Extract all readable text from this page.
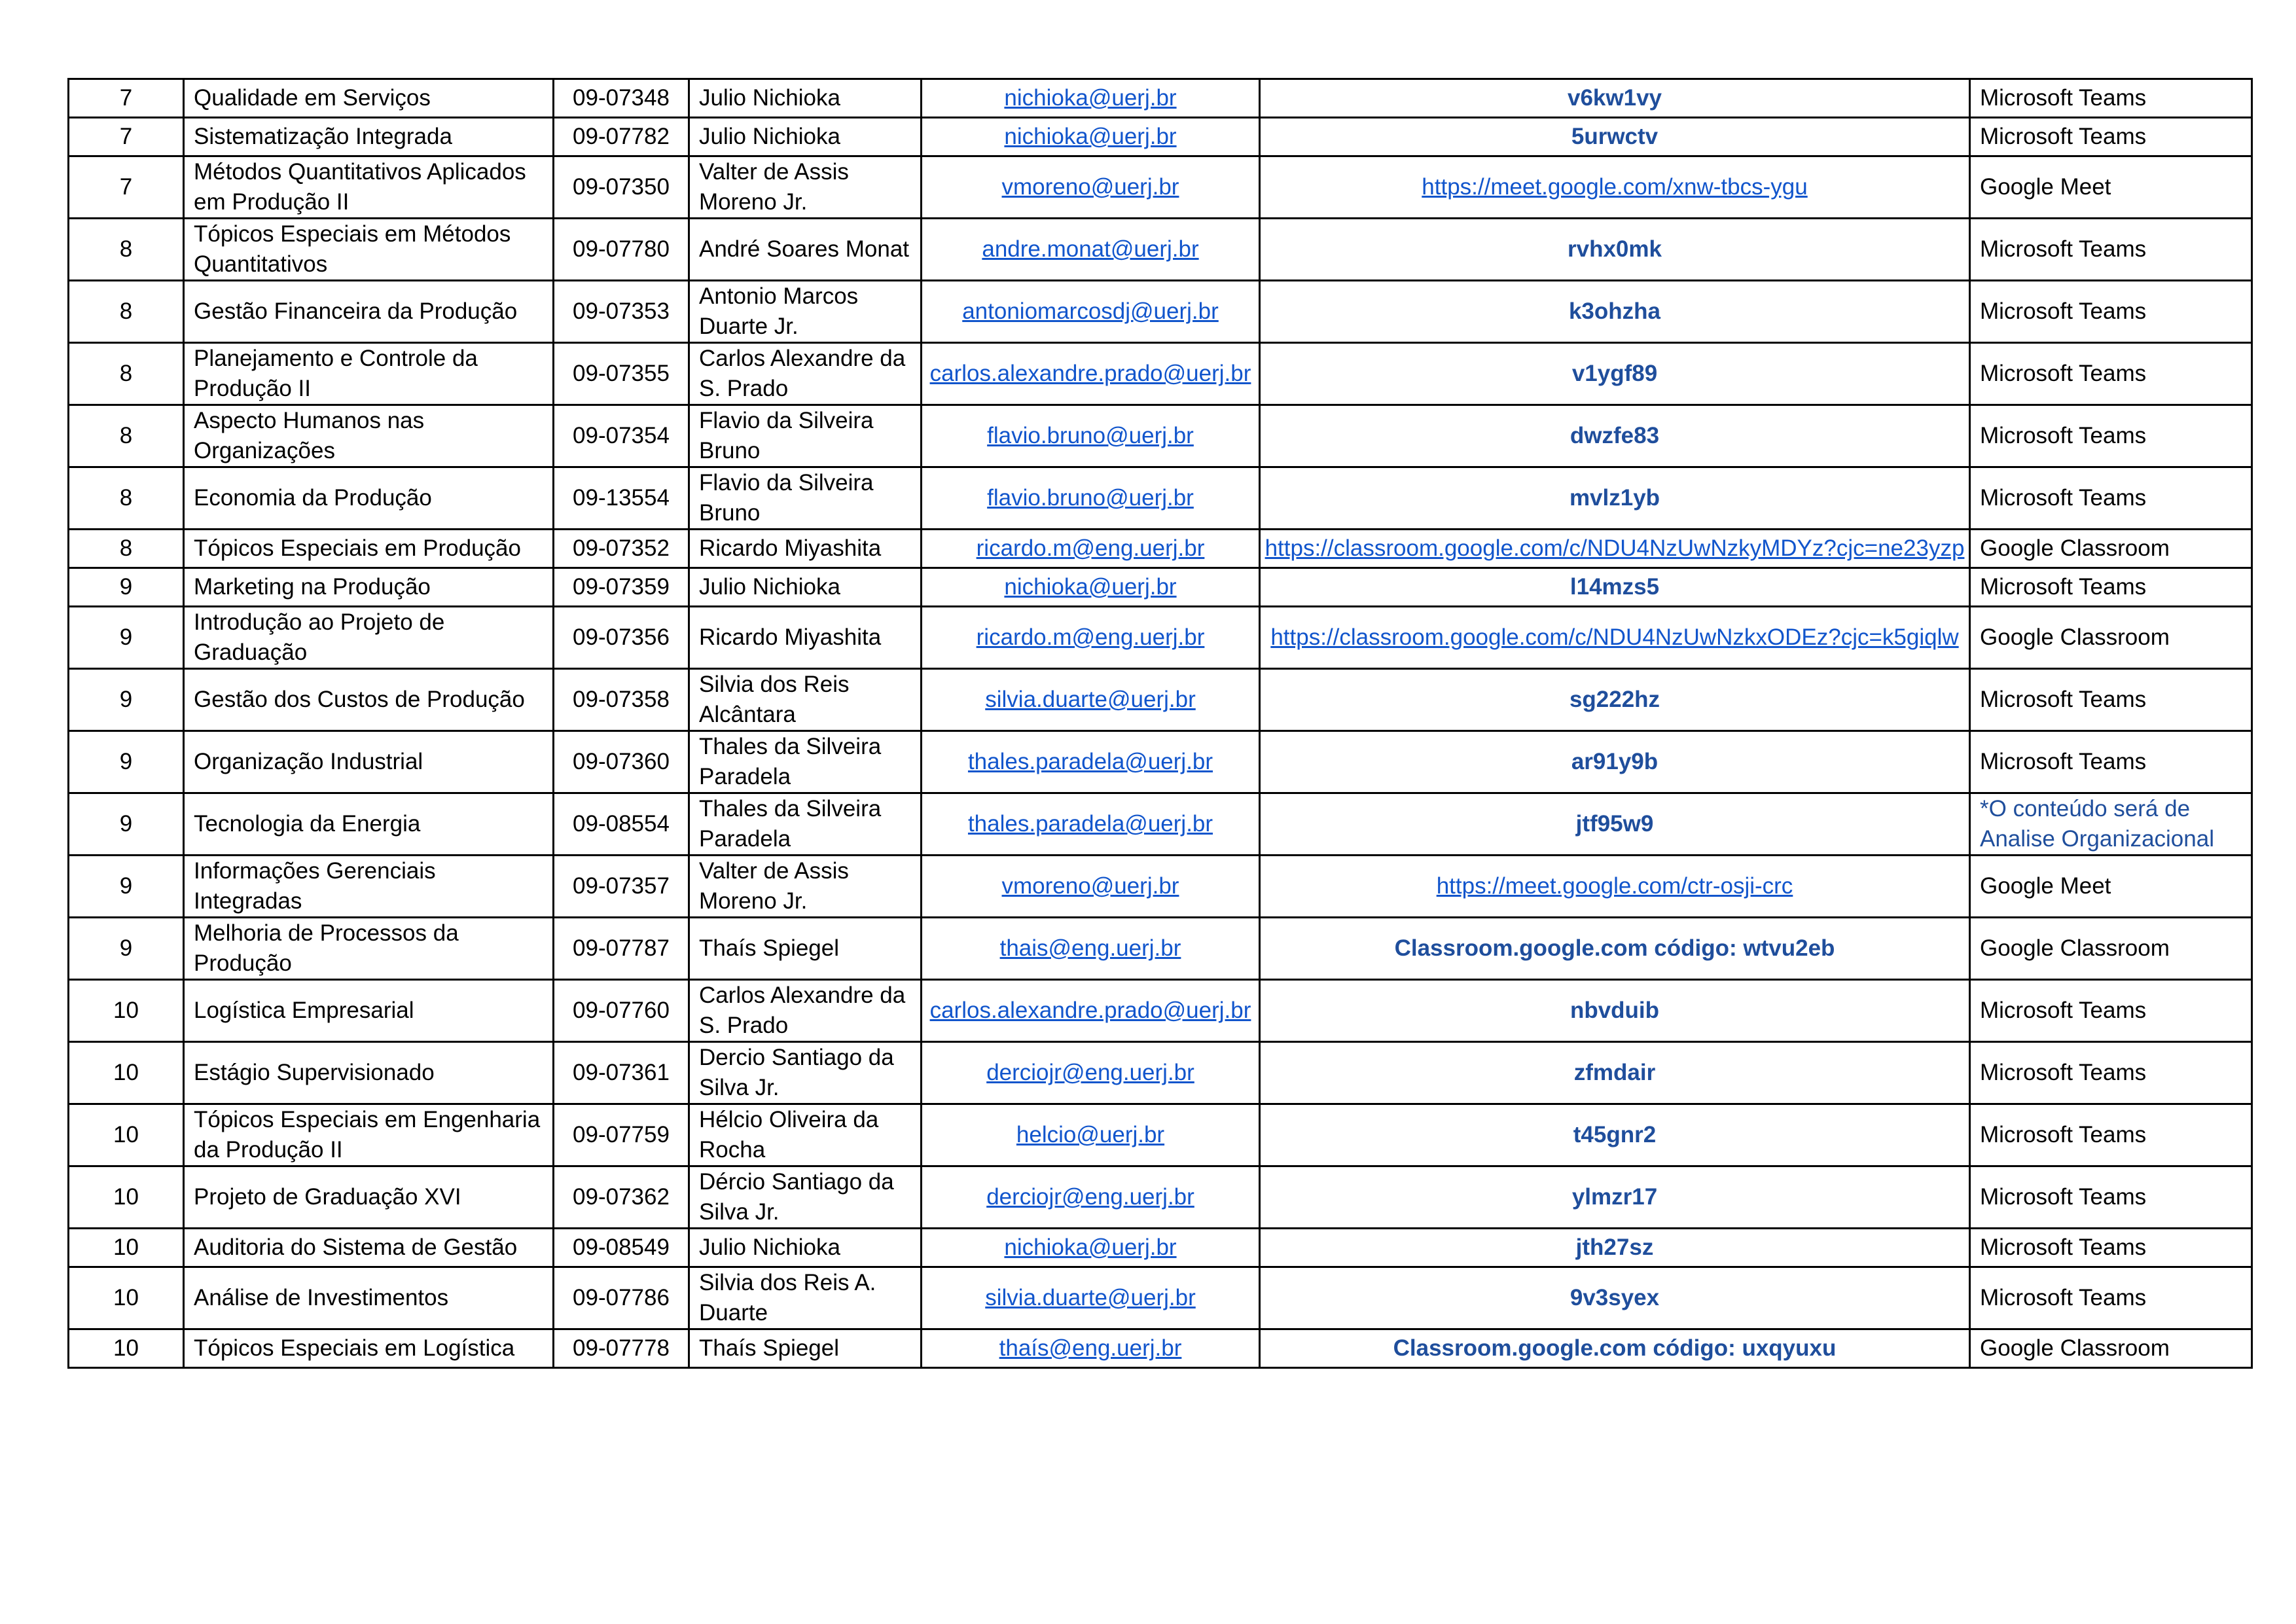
7	Qualidade em Serviços	09-07348	Julio Nichioka	nichioka@uerj.br	v6kw1vy	Microsoft Teams
7	Sistematização Integrada	09-07782	Julio Nichioka	nichioka@uerj.br	5urwctv	Microsoft Teams
7	Métodos Quantitativos Aplicados em Produção II	09-07350	Valter de Assis Moreno Jr.	vmoreno@uerj.br	https://meet.google.com/xnw-tbcs-ygu	Google Meet
8	Tópicos Especiais em Métodos Quantitativos	09-07780	André Soares Monat	andre.monat@uerj.br	rvhx0mk	Microsoft Teams
8	Gestão Financeira da Produção	09-07353	Antonio Marcos Duarte Jr.	antoniomarcosdj@uerj.br	k3ohzha	Microsoft Teams
8	Planejamento e Controle da Produção II	09-07355	Carlos Alexandre da S. Prado	carlos.alexandre.prado@uerj.br	v1ygf89	Microsoft Teams
8	Aspecto Humanos nas Organizações	09-07354	Flavio da Silveira Bruno	flavio.bruno@uerj.br	dwzfe83	Microsoft Teams
8	Economia da Produção	09-13554	Flavio da Silveira Bruno	flavio.bruno@uerj.br	mvlz1yb	Microsoft Teams
8	Tópicos Especiais em Produção	09-07352	Ricardo Miyashita	ricardo.m@eng.uerj.br	https://classroom.google.com/c/NDU4NzUwNzkyMDYz?cjc=ne23yzp	Google Classroom
9	Marketing na Produção	09-07359	Julio Nichioka	nichioka@uerj.br	l14mzs5	Microsoft Teams
9	Introdução ao Projeto de Graduação	09-07356	Ricardo Miyashita	ricardo.m@eng.uerj.br	https://classroom.google.com/c/NDU4NzUwNzkxODEz?cjc=k5giqlw	Google Classroom
9	Gestão dos Custos de Produção	09-07358	Silvia dos Reis Alcântara	silvia.duarte@uerj.br	sg222hz	Microsoft Teams
9	Organização Industrial	09-07360	Thales da Silveira Paradela	thales.paradela@uerj.br	ar91y9b	Microsoft Teams
9	Tecnologia da Energia	09-08554	Thales da Silveira Paradela	thales.paradela@uerj.br	jtf95w9	*O conteúdo será de Analise Organizacional
9	Informações Gerenciais Integradas	09-07357	Valter de Assis Moreno Jr.	vmoreno@uerj.br	https://meet.google.com/ctr-osji-crc	Google Meet
9	Melhoria de Processos da Produção	09-07787	Thaís Spiegel	thais@eng.uerj.br	Classroom.google.com código: wtvu2eb	Google Classroom
10	Logística Empresarial	09-07760	Carlos Alexandre da S. Prado	carlos.alexandre.prado@uerj.br	nbvduib	Microsoft Teams
10	Estágio Supervisionado	09-07361	Dercio Santiago da Silva Jr.	derciojr@eng.uerj.br	zfmdair	Microsoft Teams
10	Tópicos Especiais em Engenharia da Produção II	09-07759	Hélcio Oliveira da Rocha	helcio@uerj.br	t45gnr2	Microsoft Teams
10	Projeto de Graduação XVI	09-07362	Dércio Santiago da Silva Jr.	derciojr@eng.uerj.br	ylmzr17	Microsoft Teams
10	Auditoria do Sistema de Gestão	09-08549	Julio Nichioka	nichioka@uerj.br	jth27sz	Microsoft Teams
10	Análise de Investimentos	09-07786	Silvia dos Reis A. Duarte	silvia.duarte@uerj.br	9v3syex	Microsoft Teams
10	Tópicos Especiais em Logística	09-07778	Thaís Spiegel	thaís@eng.uerj.br	Classroom.google.com código: uxqyuxu	Google Classroom
